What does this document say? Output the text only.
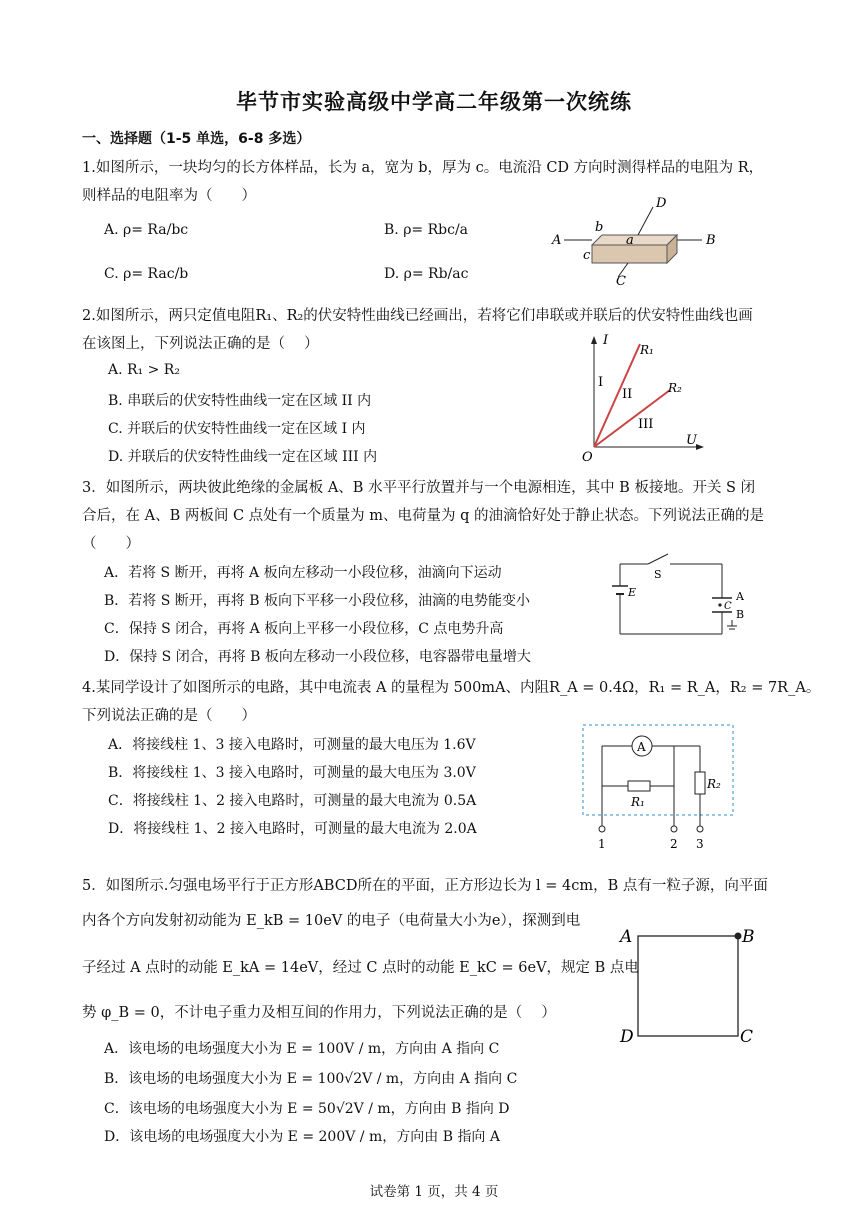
毕节市实验高级中学高二年级第一次统练
一、选择题（1-5 单选，6-8 多选）
1.如图所示，一块均匀的长方体样品，长为 a，宽为 b，厚为 c。电流沿 CD 方向时测得样品的电阻为 R，
则样品的电阻率为（　　）
A. ρ= Ra/bc	B. ρ= Rbc/a
C. ρ= Rac/b	D. ρ= Rb/ac
A	B
C
D
a
b
c
2.如图所示，两只定值电阻R₁、R₂的伏安特性曲线已经画出，若将它们串联或并联后的伏安特性曲线也画
在该图上，下列说法正确的是（　 ）
A. R₁ > R₂
B. 串联后的伏安特性曲线一定在区域 II 内
C. 并联后的伏安特性曲线一定在区域 I 内
D. 并联后的伏安特性曲线一定在区域 III 内
I
U
O
R₁
R₂
I
II
III
3．如图所示，两块彼此绝缘的金属板 A、B 水平平行放置并与一个电源相连，其中 B 板接地。开关 S 闭
合后，在 A、B 两板间 C 点处有一个质量为 m、电荷量为 q 的油滴恰好处于静止状态。下列说法正确的是
（　　）
A．若将 S 断开，再将 A 板向左移动一小段位移，油滴向下运动
B．若将 S 断开，再将 B 板向下平移一小段位移，油滴的电势能变小
C．保持 S 闭合，再将 A 板向上平移一小段位移，C 点电势升高
D．保持 S 闭合，再将 B 板向左移动一小段位移，电容器带电量增大
S
E	A
B
C
4.某同学设计了如图所示的电路，其中电流表 A 的量程为 500mA、内阻R_A = 0.4Ω，R₁ = R_A，R₂ = 7R_A。
下列说法正确的是（　　）
A．将接线柱 1、3 接入电路时，可测量的最大电压为 1.6V
B．将接线柱 1、3 接入电路时，可测量的最大电压为 3.0V
C．将接线柱 1、2 接入电路时，可测量的最大电流为 0.5A
D．将接线柱 1、2 接入电路时，可测量的最大电流为 2.0A
A
R₁
R₂
1	2 3
5．如图所示.匀强电场平行于正方形ABCD所在的平面，正方形边长为 l = 4cm，B 点有一粒子源，向平面
内各个方向发射初动能为 E_kB = 10eV 的电子（电荷量大小为e），探测到电
子经过 A 点时的动能 E_kA = 14eV，经过 C 点时的动能 E_kC = 6eV，规定 B 点电
势 φ_B = 0，不计电子重力及相互间的作用力，下列说法正确的是（　 ）
A．该电场的电场强度大小为 E = 100V / m，方向由 A 指向 C
B．该电场的电场强度大小为 E = 100√2V / m，方向由 A 指向 C
C．该电场的电场强度大小为 E = 50√2V / m，方向由 B 指向 D
D．该电场的电场强度大小为 E = 200V / m，方向由 B 指向 A
A	B
C
D
试卷第 1 页，共 4 页
